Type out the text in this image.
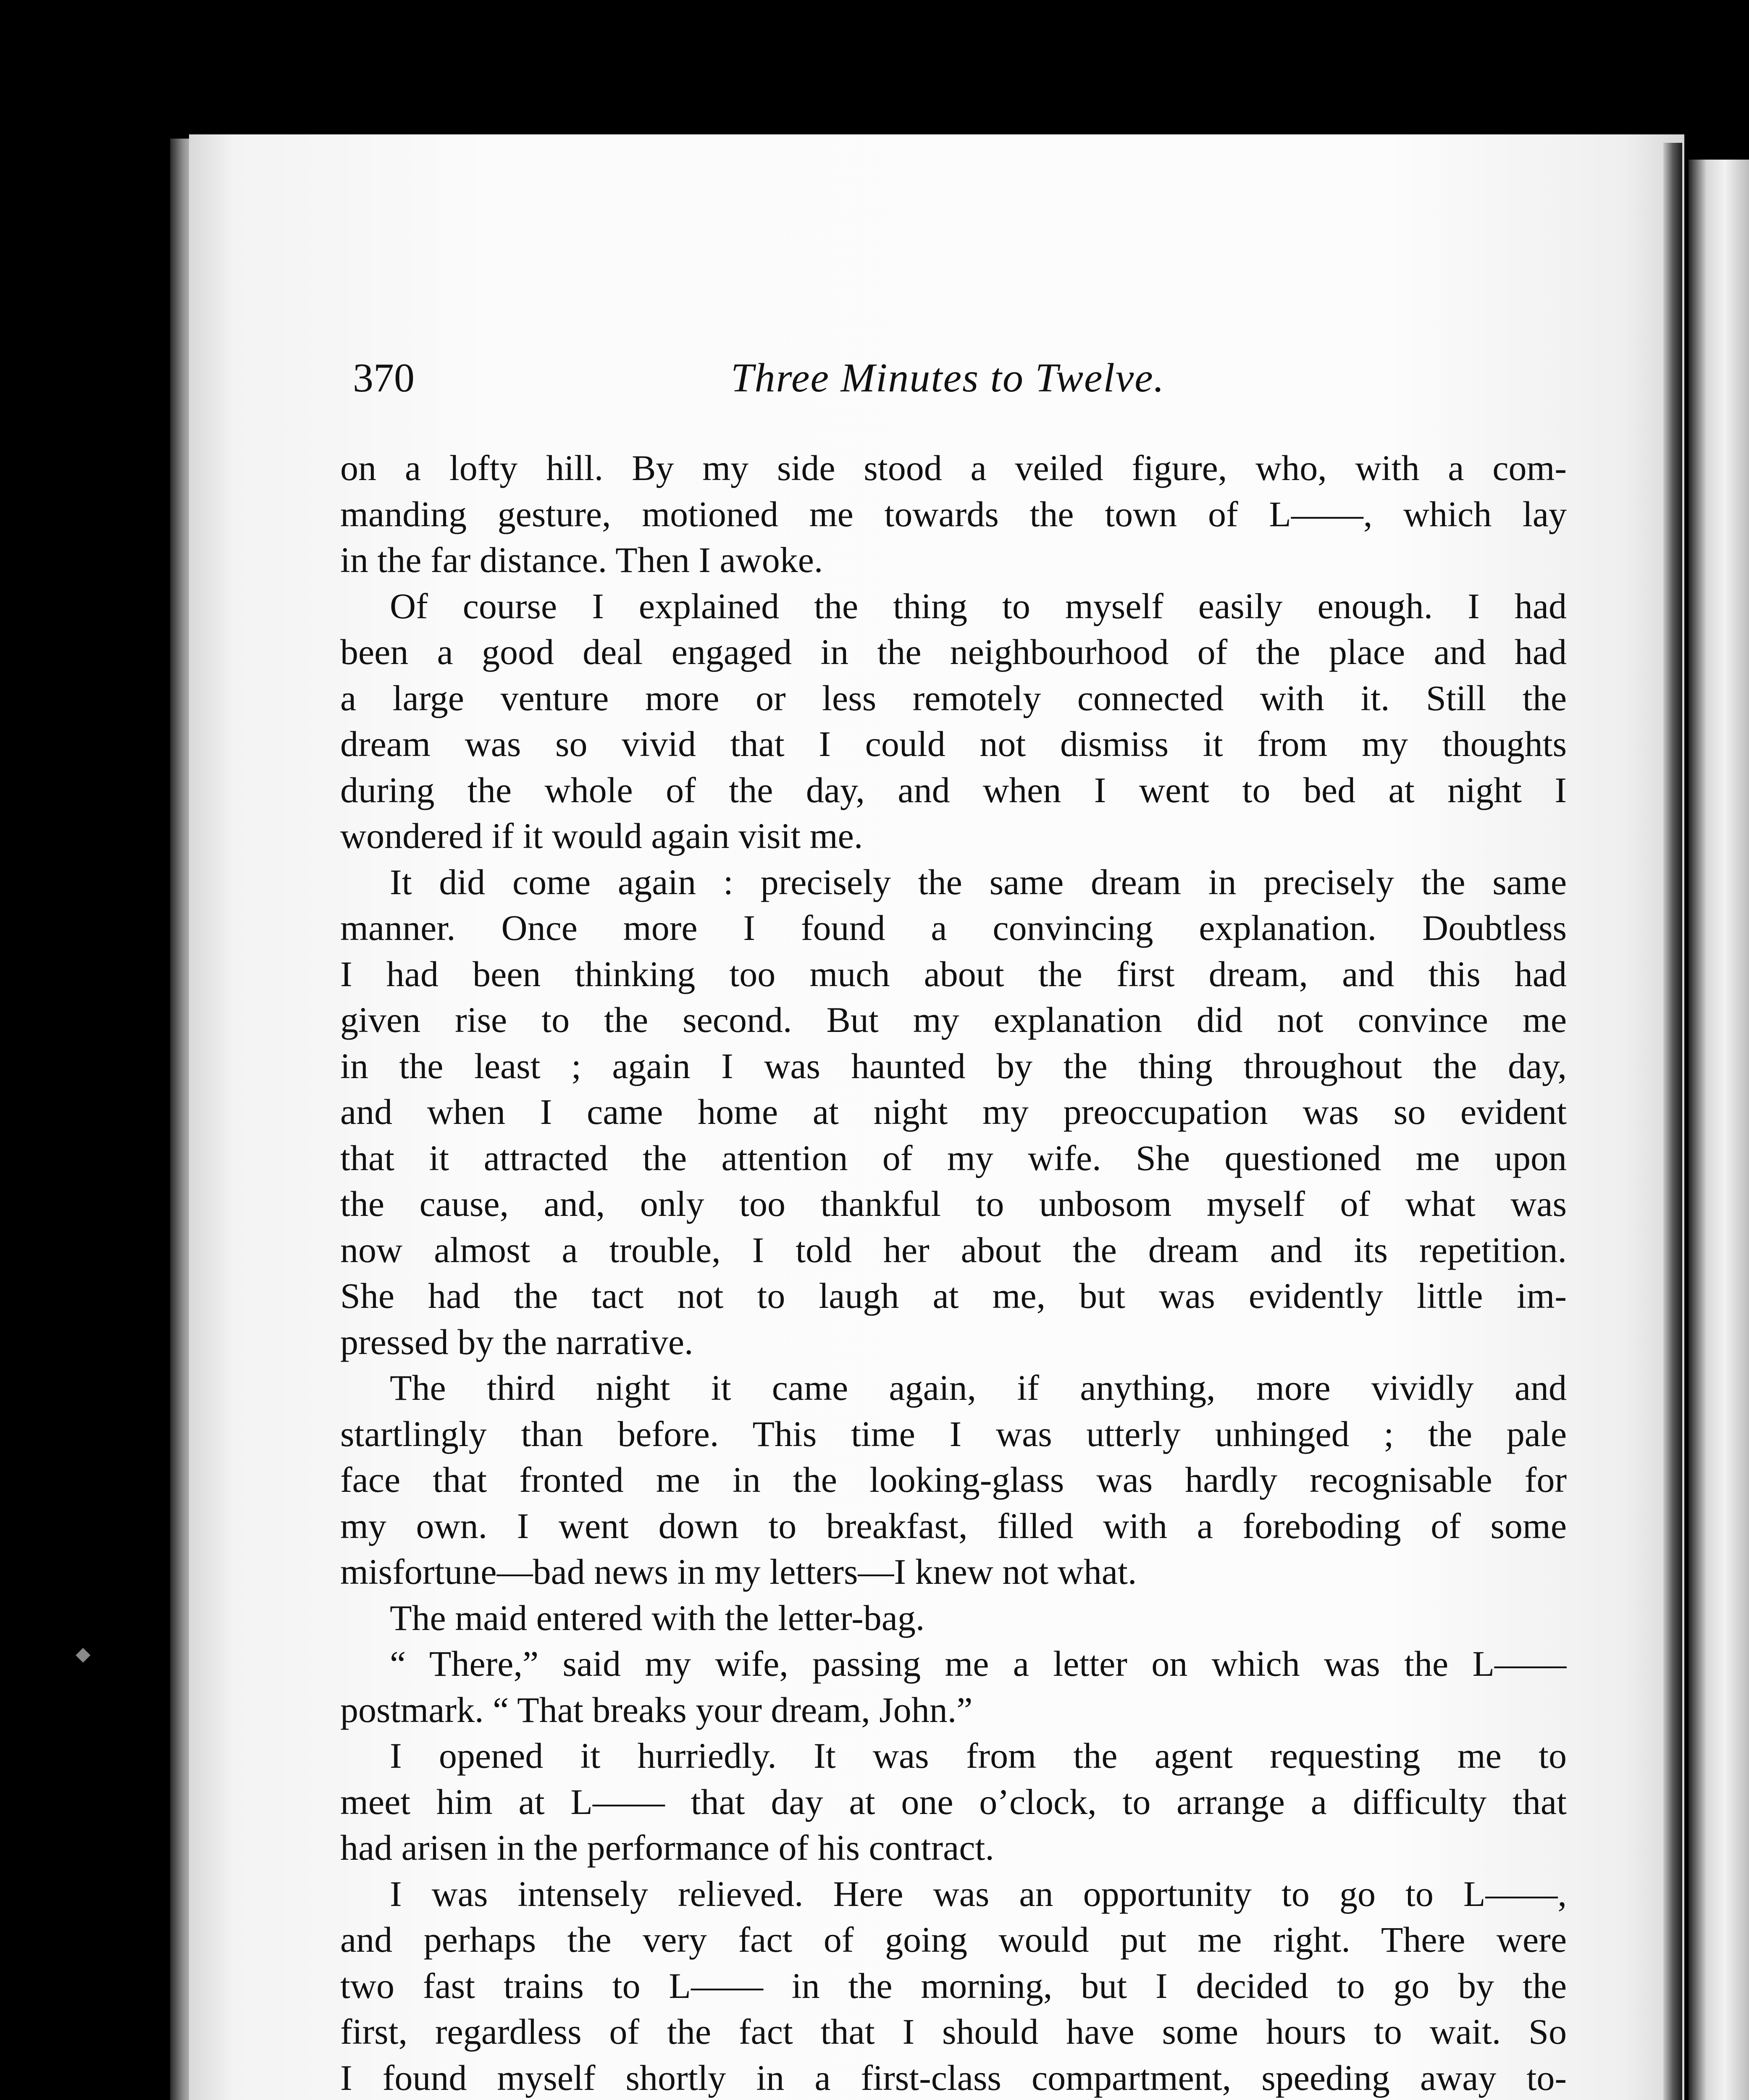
◆
370	Three Minutes to Twelve.
on a lofty hill. By my side stood a veiled figure, who, with a com-
manding gesture, motioned me towards the town of L——, which lay
in the far distance. Then I awoke.
Of course I explained the thing to myself easily enough. I had
been a good deal engaged in the neighbourhood of the place and had
a large venture more or less remotely connected with it. Still the
dream was so vivid that I could not dismiss it from my thoughts
during the whole of the day, and when I went to bed at night I
wondered if it would again visit me.
It did come again : precisely the same dream in precisely the same
manner. Once more I found a convincing explanation. Doubtless
I had been thinking too much about the first dream, and this had
given rise to the second. But my explanation did not convince me
in the least ; again I was haunted by the thing throughout the day,
and when I came home at night my preoccupation was so evident
that it attracted the attention of my wife. She questioned me upon
the cause, and, only too thankful to unbosom myself of what was
now almost a trouble, I told her about the dream and its repetition.
She had the tact not to laugh at me, but was evidently little im-
pressed by the narrative.
The third night it came again, if anything, more vividly and
startlingly than before. This time I was utterly unhinged ; the pale
face that fronted me in the looking-glass was hardly recognisable for
my own. I went down to breakfast, filled with a foreboding of some
misfortune—bad news in my letters—I knew not what.
The maid entered with the letter-bag.
“ There,” said my wife, passing me a letter on which was the L——
postmark. “ That breaks your dream, John.”
I opened it hurriedly. It was from the agent requesting me to
meet him at L—— that day at one o’clock, to arrange a difficulty that
had arisen in the performance of his contract.
I was intensely relieved. Here was an opportunity to go to L——,
and perhaps the very fact of going would put me right. There were
two fast trains to L—— in the morning, but I decided to go by the
first, regardless of the fact that I should have some hours to wait. So
I found myself shortly in a first-class compartment, speeding away to-
